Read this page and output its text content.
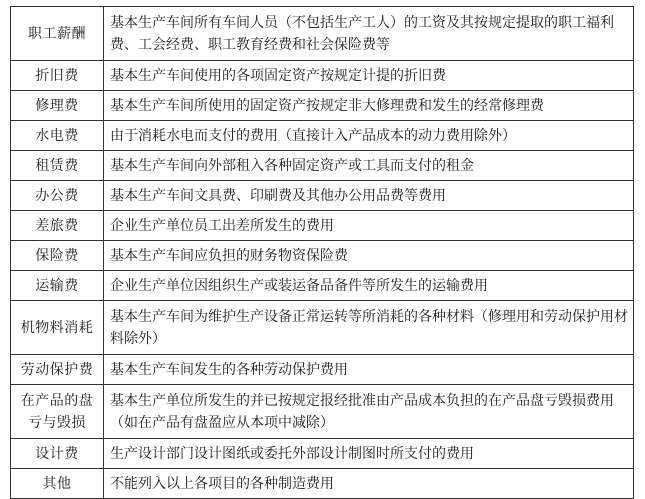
职工薪酬	基本生产车间所有车间人员（不包括生产工人）的工资及其按规定提取的职工福利费、工会经费、职工教育经费和社会保险费等
折旧费	基本生产车间使用的各项固定资产按规定计提的折旧费
修理费	基本生产车间所使用的固定资产按规定非大修理费和发生的经常修理费
水电费	由于消耗水电而支付的费用（直接计入产品成本的动力费用除外）
租赁费	基本生产车间向外部租入各种固定资产或工具而支付的租金
办公费	基本生产车间文具费、印刷费及其他办公用品费等费用
差旅费	企业生产单位员工出差所发生的费用
保险费	基本生产车间应负担的财务物资保险费
运输费	企业生产单位因组织生产或装运备品备件等所发生的运输费用
机物料消耗	基本生产车间为维护生产设备正常运转等所消耗的各种材料（修理用和劳动保护用材料除外）
劳动保护费	基本生产车间发生的各种劳动保护费用
在产品的盘亏与毁损	基本生产单位所发生的并已按规定报经批准由产品成本负担的在产品盘亏毁损费用（如在产品有盘盈应从本项中减除）
设计费	生产设计部门设计图纸或委托外部设计制图时所支付的费用
其他	不能列入以上各项目的各种制造费用
